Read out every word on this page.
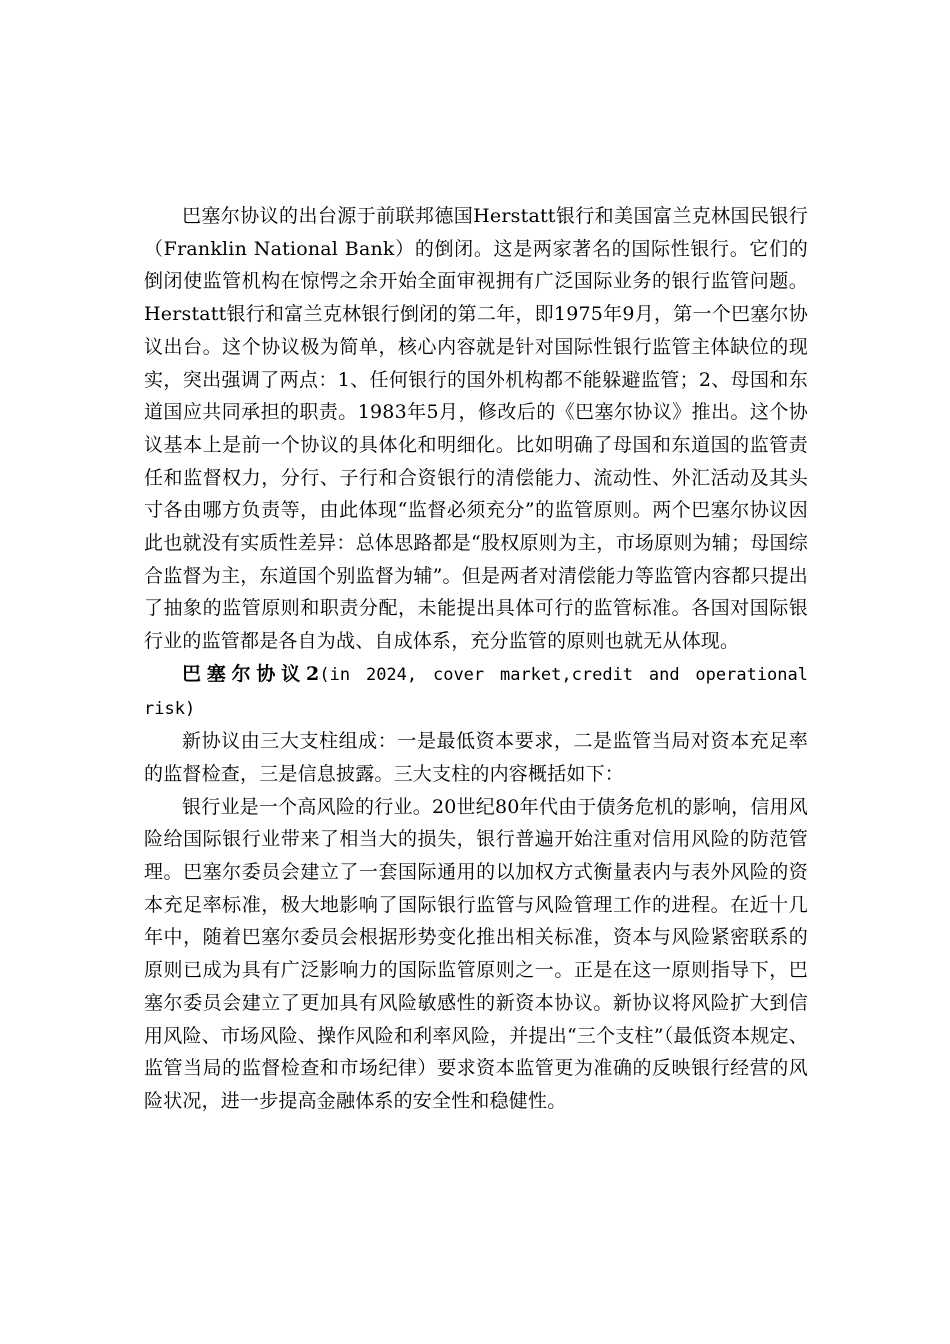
巴塞尔协议的出台源于前联邦德国Herstatt银行和美国富兰克林国民银行（Franklin National Bank）的倒闭。这是两家著名的国际性银行。它们的倒闭使监管机构在惊愕之余开始全面审视拥有广泛国际业务的银行监管问题。Herstatt银行和富兰克林银行倒闭的第二年，即1975年9月，第一个巴塞尔协议出台。这个协议极为简单，核心内容就是针对国际性银行监管主体缺位的现实，突出强调了两点：1、任何银行的国外机构都不能躲避监管；2、母国和东道国应共同承担的职责。1983年5月，修改后的《巴塞尔协议》推出。这个协议基本上是前一个协议的具体化和明细化。比如明确了母国和东道国的监管责任和监督权力，分行、子行和合资银行的清偿能力、流动性、外汇活动及其头寸各由哪方负责等，由此体现“监督必须充分”的监管原则。两个巴塞尔协议因此也就没有实质性差异：总体思路都是“股权原则为主，市场原则为辅；母国综合监督为主，东道国个别监督为辅”。但是两者对清偿能力等监管内容都只提出了抽象的监管原则和职责分配，未能提出具体可行的监管标准。各国对国际银行业的监管都是各自为战、自成体系，充分监管的原则也就无从体现。

巴塞尔协议2(in 2024, cover market,credit and operational risk)

新协议由三大支柱组成：一是最低资本要求，二是监管当局对资本充足率的监督检查，三是信息披露。三大支柱的内容概括如下：

银行业是一个高风险的行业。20世纪80年代由于债务危机的影响，信用风险给国际银行业带来了相当大的损失，银行普遍开始注重对信用风险的防范管理。巴塞尔委员会建立了一套国际通用的以加权方式衡量表内与表外风险的资本充足率标准，极大地影响了国际银行监管与风险管理工作的进程。在近十几年中，随着巴塞尔委员会根据形势变化推出相关标准，资本与风险紧密联系的原则已成为具有广泛影响力的国际监管原则之一。正是在这一原则指导下，巴塞尔委员会建立了更加具有风险敏感性的新资本协议。新协议将风险扩大到信用风险、市场风险、操作风险和利率风险，并提出“三个支柱”（最低资本规定、监管当局的监督检查和市场纪律）要求资本监管更为准确的反映银行经营的风险状况，进一步提高金融体系的安全性和稳健性。
